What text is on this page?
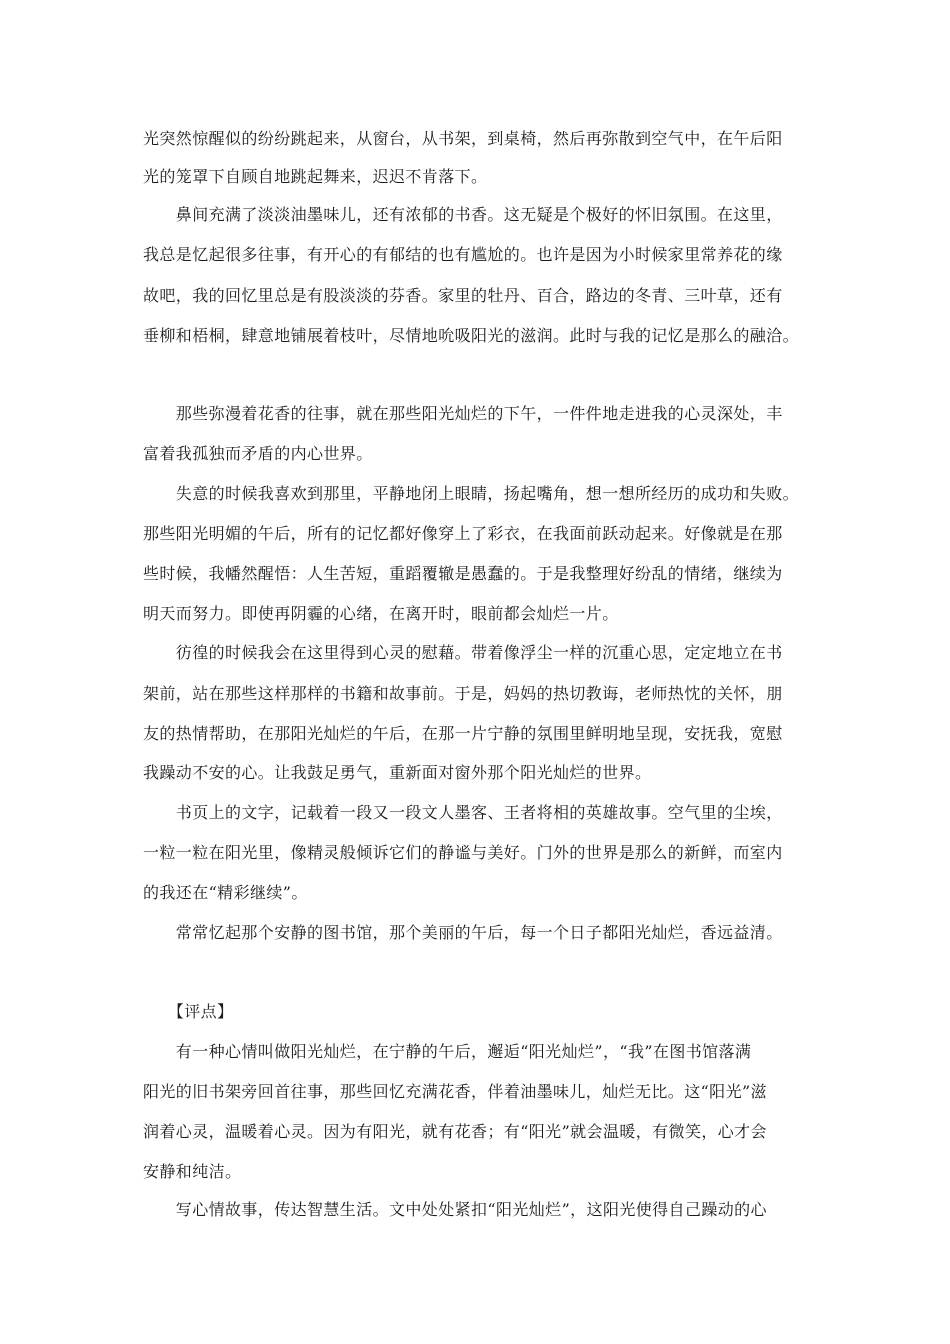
光突然惊醒似的纷纷跳起来，从窗台，从书架，到桌椅，然后再弥散到空气中，在午后阳
光的笼罩下自顾自地跳起舞来，迟迟不肯落下。
　　鼻间充满了淡淡油墨味儿，还有浓郁的书香。这无疑是个极好的怀旧氛围。在这里，
我总是忆起很多往事，有开心的有郁结的也有尴尬的。也许是因为小时候家里常养花的缘
故吧，我的回忆里总是有股淡淡的芬香。家里的牡丹、百合，路边的冬青、三叶草，还有
垂柳和梧桐，肆意地铺展着枝叶，尽情地吮吸阳光的滋润。此时与我的记忆是那么的融洽。
　　那些弥漫着花香的往事，就在那些阳光灿烂的下午，一件件地走进我的心灵深处，丰
富着我孤独而矛盾的内心世界。
　　失意的时候我喜欢到那里，平静地闭上眼睛，扬起嘴角，想一想所经历的成功和失败。
那些阳光明媚的午后，所有的记忆都好像穿上了彩衣，在我面前跃动起来。好像就是在那
些时候，我幡然醒悟：人生苦短，重蹈覆辙是愚蠢的。于是我整理好纷乱的情绪，继续为
明天而努力。即使再阴霾的心绪，在离开时，眼前都会灿烂一片。
　　彷徨的时候我会在这里得到心灵的慰藉。带着像浮尘一样的沉重心思，定定地立在书
架前，站在那些这样那样的书籍和故事前。于是，妈妈的热切教诲，老师热忱的关怀，朋
友的热情帮助，在那阳光灿烂的午后，在那一片宁静的氛围里鲜明地呈现，安抚我，宽慰
我躁动不安的心。让我鼓足勇气，重新面对窗外那个阳光灿烂的世界。
　　书页上的文字，记载着一段又一段文人墨客、王者将相的英雄故事。空气里的尘埃，
一粒一粒在阳光里，像精灵般倾诉它们的静谧与美好。门外的世界是那么的新鲜，而室内
的我还在“精彩继续”。
　　常常忆起那个安静的图书馆，那个美丽的午后，每一个日子都阳光灿烂，香远益清。
　　【评点】
　　有一种心情叫做阳光灿烂，在宁静的午后，邂逅“阳光灿烂”，“我”在图书馆落满
阳光的旧书架旁回首往事，那些回忆充满花香，伴着油墨味儿，灿烂无比。这“阳光”滋
润着心灵，温暖着心灵。因为有阳光，就有花香；有“阳光”就会温暖，有微笑，心才会
安静和纯洁。
　　写心情故事，传达智慧生活。文中处处紧扣“阳光灿烂”，这阳光使得自己躁动的心
